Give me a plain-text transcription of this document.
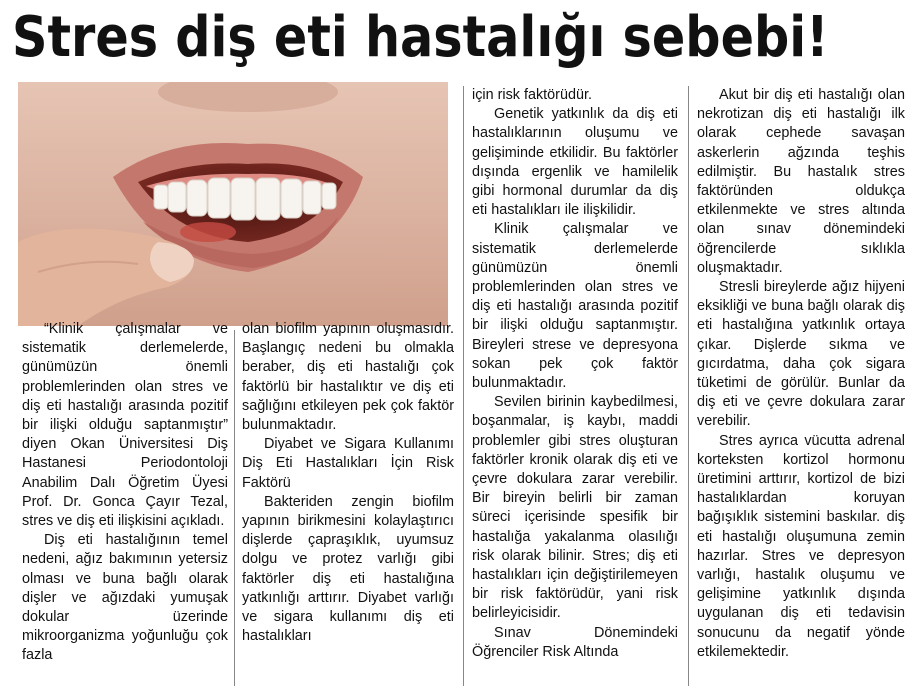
Stres diş eti hastalığı sebebi!

“Klinik çalışmalar ve sistematik derlemelerde, günümüzün önemli problemlerinden olan stres ve diş eti hastalığı arasında pozitif bir ilişki olduğu saptanmıştır” diyen Okan Üniversitesi Diş Hastanesi Periodontoloji Anabilim Dalı Öğretim Üyesi Prof. Dr. Gonca Çayır Tezal, stres ve diş eti ilişkisini açıkladı.

Diş eti hastalığının temel nedeni, ağız bakımının yetersiz olması ve buna bağlı olarak dişler ve ağızdaki yumuşak dokular üzerinde mikroorganizma yoğunluğu çok fazla

olan biofilm yapının oluşmasıdır. Başlangıç nedeni bu olmakla beraber, diş eti hastalığı çok faktörlü bir hastalıktır ve diş eti sağlığını etkileyen pek çok faktör bulunmaktadır.

Diyabet ve Sigara Kullanımı Diş Eti Hastalıkları İçin Risk Faktörü

Bakteriden zengin biofilm yapının birikmesini kolaylaştırıcı dişlerde çapraşıklık, uyumsuz dolgu ve protez varlığı gibi faktörler diş eti hastalığına yatkınlığı arttırır. Diyabet varlığı ve sigara kullanımı diş eti hastalıkları

için risk faktörüdür.

Genetik yatkınlık da diş eti hastalıklarının oluşumu ve gelişiminde etkilidir. Bu faktörler dışında ergenlik ve hamilelik gibi hormonal durumlar da diş eti hastalıkları ile ilişkilidir.

Klinik çalışmalar ve sistematik derlemelerde günümüzün önemli problemlerinden olan stres ve diş eti hastalığı arasında pozitif bir ilişki olduğu saptanmıştır. Bireyleri strese ve depresyona sokan pek çok faktör bulunmaktadır.

Sevilen birinin kaybedilmesi, boşanmalar, iş kaybı, maddi problemler gibi stres oluşturan faktörler kronik olarak diş eti ve çevre dokulara zarar verebilir. Bir bireyin belirli bir zaman süreci içerisinde spesifik bir hastalığa yakalanma olasılığı risk olarak bilinir. Stres; diş eti hastalıkları için değiştirilemeyen bir risk faktörüdür, yani risk belirleyicisidir.

Sınav Dönemindeki Öğrenciler Risk Altında

Akut bir diş eti hastalığı olan nekrotizan diş eti hastalığı ilk olarak cephede savaşan askerlerin ağzında teşhis edilmiştir. Bu hastalık stres faktöründen oldukça etkilenmekte ve stres altında olan sınav dönemindeki öğrencilerde sıklıkla oluşmaktadır.

Stresli bireylerde ağız hijyeni eksikliği ve buna bağlı olarak diş eti hastalığına yatkınlık ortaya çıkar. Dişlerde sıkma ve gıcırdatma, daha çok sigara tüketimi de görülür. Bunlar da diş eti ve çevre dokulara zarar verebilir.

Stres ayrıca vücutta adrenal korteksten kortizol hormonu üretimini arttırır, kortizol de bizi hastalıklardan koruyan bağışıklık sistemini baskılar. diş eti hastalığı oluşumuna zemin hazırlar. Stres ve depresyon varlığı, hastalık oluşumu ve gelişimine yatkınlık dışında uygulanan diş eti tedavisin sonucunu da negatif yönde etkilemektedir.
